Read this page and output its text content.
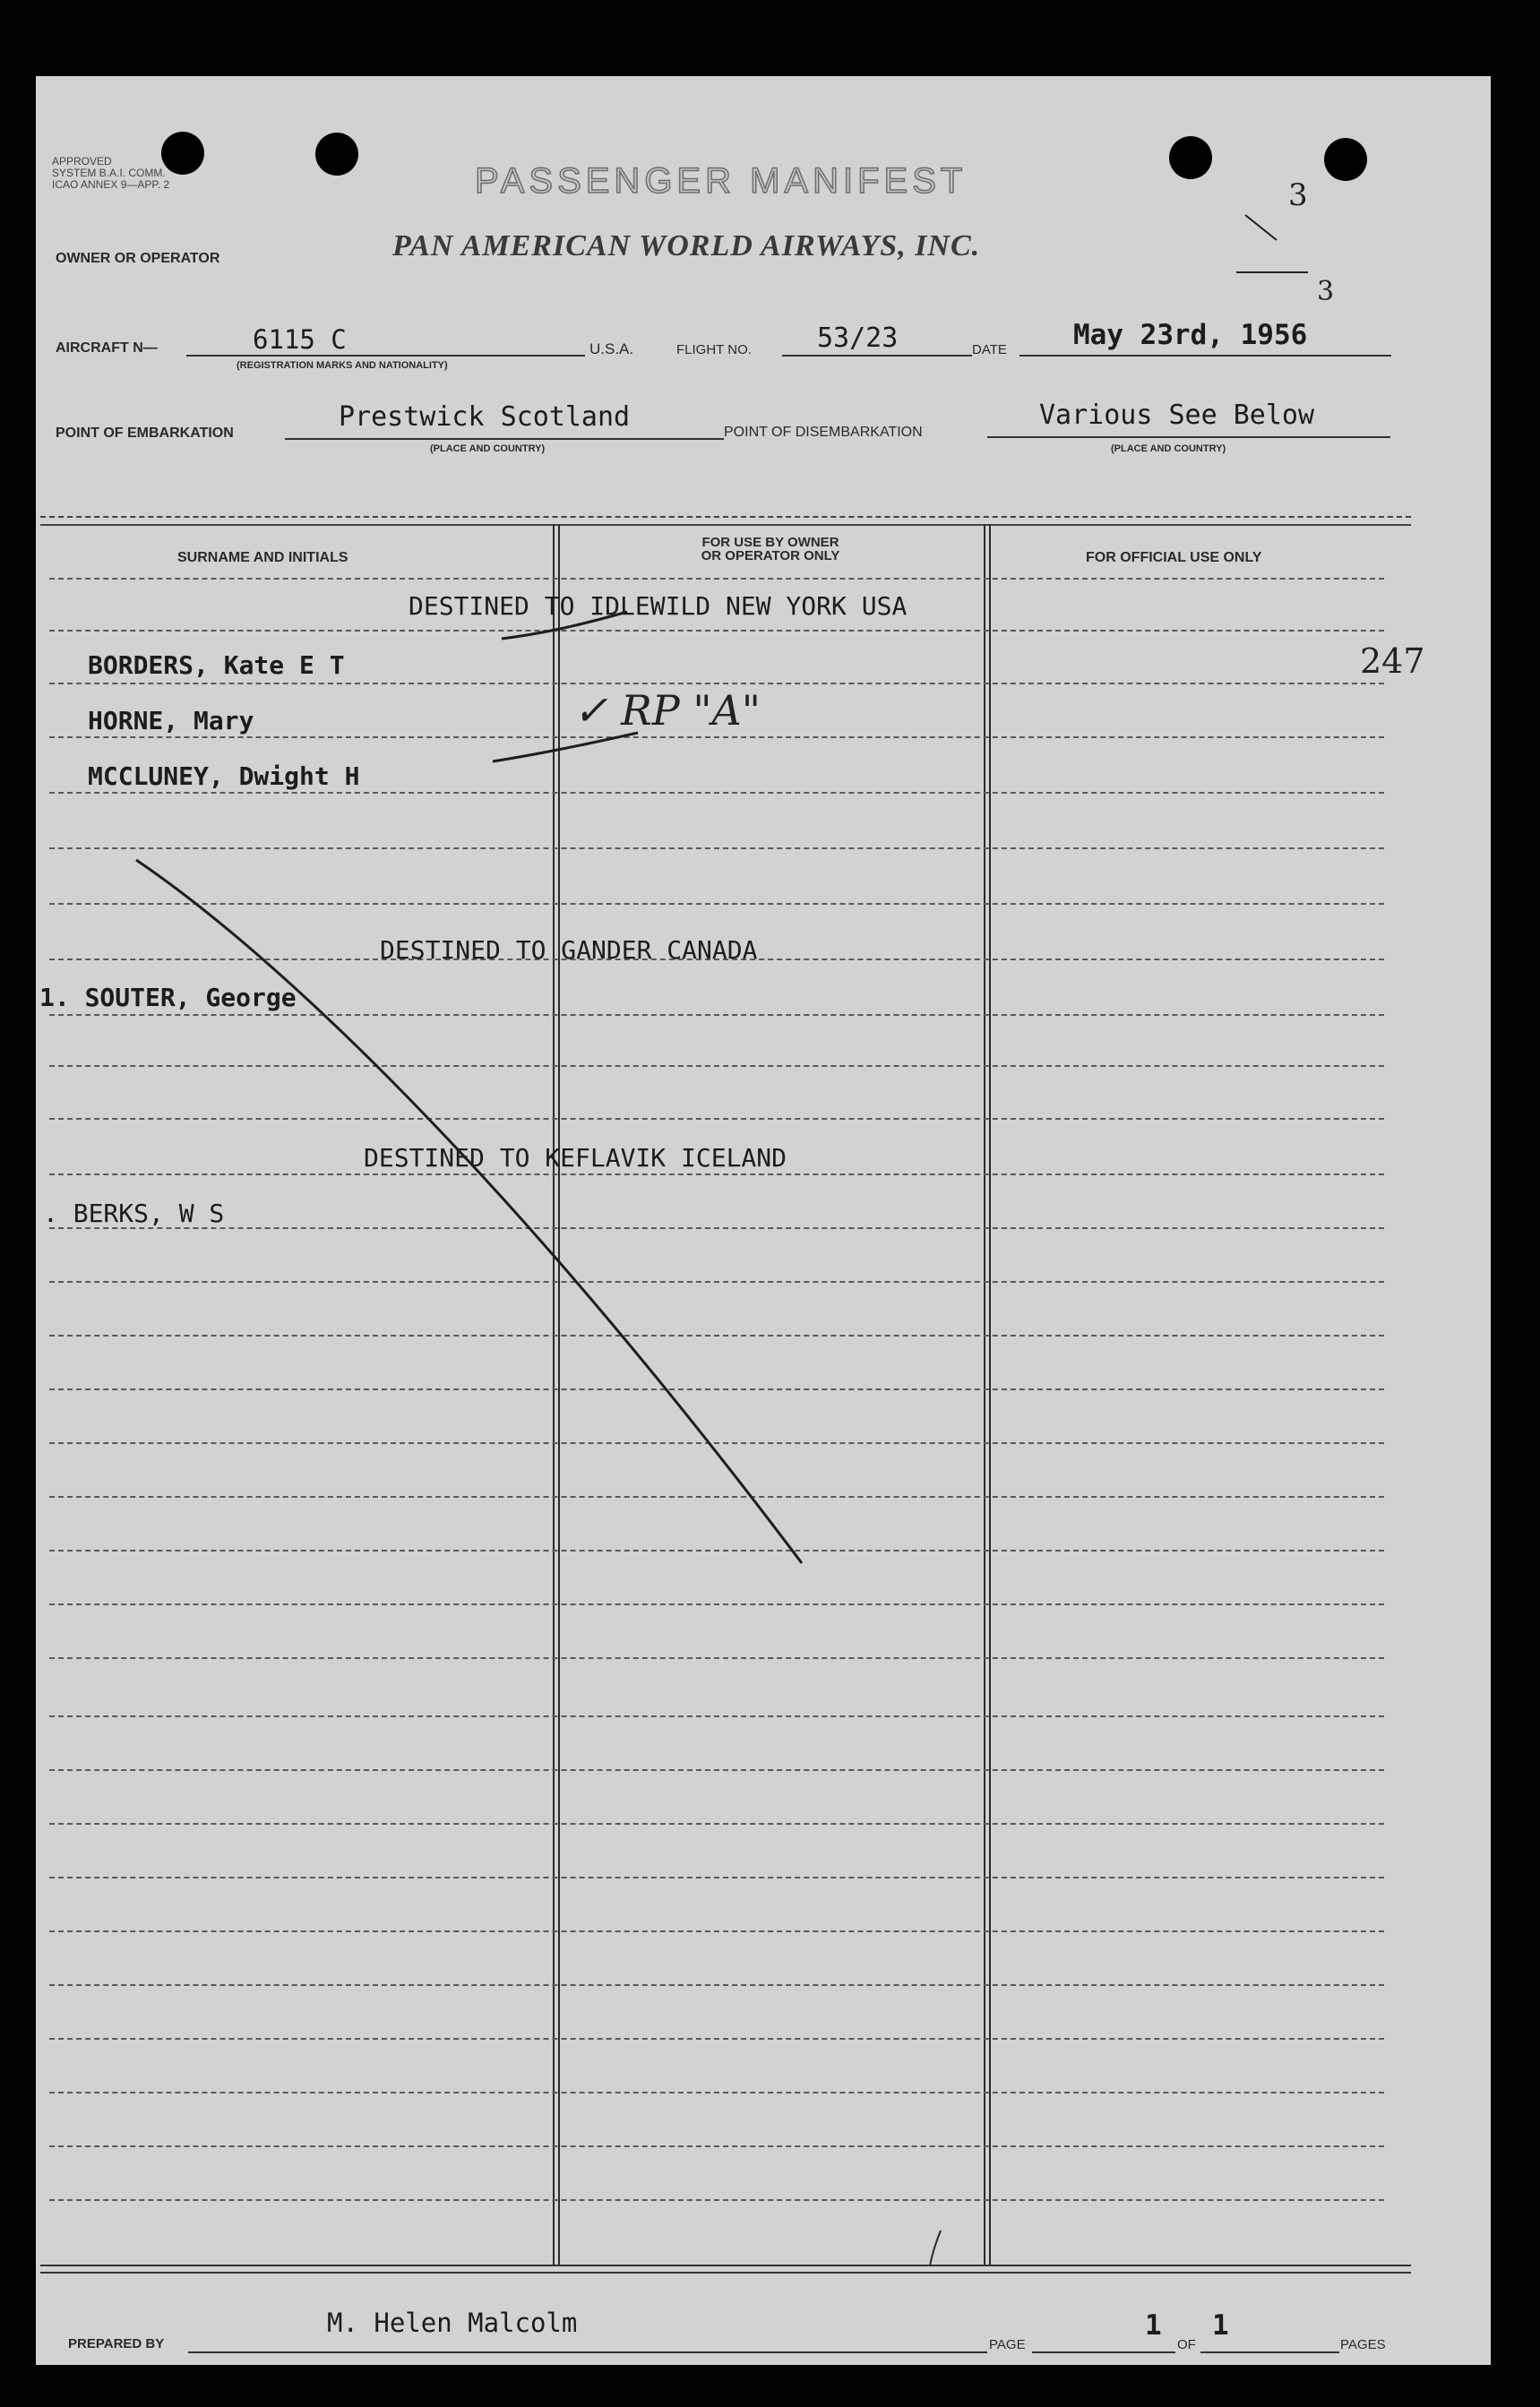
APPROVED
SYSTEM B.A.I. COMM.
ICAO ANNEX 9—APP. 2	PASSENGER MANIFEST
OWNER OR OPERATOR	PAN AMERICAN WORLD AIRWAYS, INC.
3
3
AIRCRAFT N—	6115 C
(REGISTRATION MARKS AND NATIONALITY)
U.S.A.	FLIGHT NO. 53/23	DATE May 23rd, 1956
POINT OF EMBARKATION
Prestwick Scotland
(PLACE AND COUNTRY)
POINT OF DISEMBARKATION
Various See Below
(PLACE AND COUNTRY)
SURNAME AND INITIALS
FOR USE BY OWNER
OR OPERATOR ONLY	FOR OFFICIAL USE ONLY
DESTINED TO IDLEWILD NEW YORK USA
BORDERS, Kate E T
HORNE, Mary
MCCLUNEY, Dwight H
DESTINED TO GANDER CANADA
1. SOUTER, George
DESTINED TO KEFLAVIK ICELAND
. BERKS, W S
247
✓ RP "A"
PREPARED BY
M. Helen Malcolm
PAGE
1
OF
1
PAGES
